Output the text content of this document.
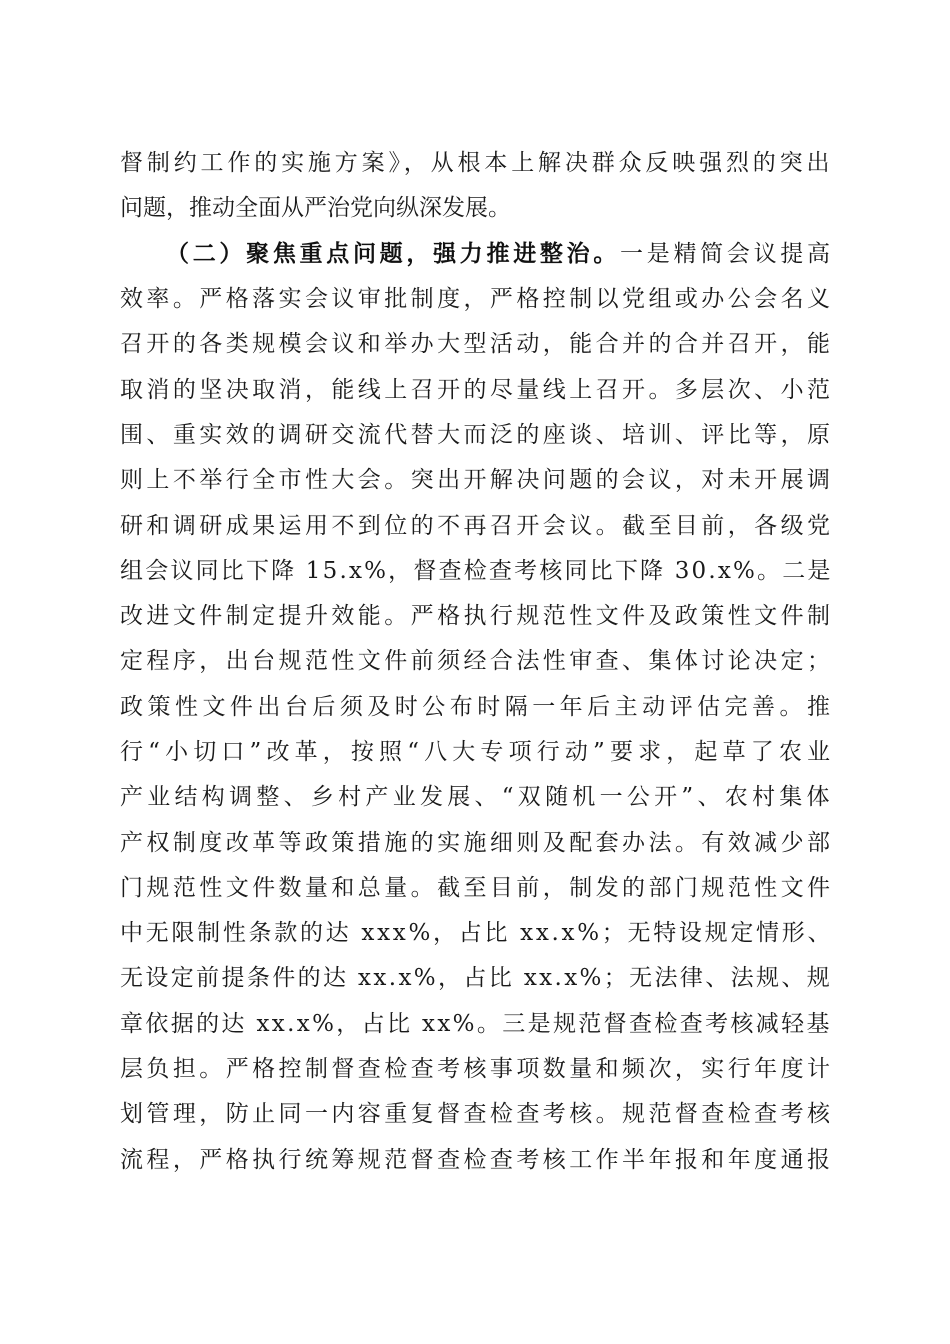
督制约工作的实施方案》，从根本上解决群众反映强烈的突出
问题，推动全面从严治党向纵深发展。
（二）聚焦重点问题，强力推进整治。一是精简会议提高
效率。严格落实会议审批制度，严格控制以党组或办公会名义
召开的各类规模会议和举办大型活动，能合并的合并召开，能
取消的坚决取消，能线上召开的尽量线上召开。多层次、小范
围、重实效的调研交流代替大而泛的座谈、培训、评比等，原
则上不举行全市性大会。突出开解决问题的会议，对未开展调
研和调研成果运用不到位的不再召开会议。截至目前，各级党
组会议同比下降 15.x%，督查检查考核同比下降 30.x%。二是
改进文件制定提升效能。严格执行规范性文件及政策性文件制
定程序，出台规范性文件前须经合法性审查、集体讨论决定；
政策性文件出台后须及时公布时隔一年后主动评估完善。推
行“小切口”改革，按照“八大专项行动”要求，起草了农业
产业结构调整、乡村产业发展、“双随机一公开”、农村集体
产权制度改革等政策措施的实施细则及配套办法。有效减少部
门规范性文件数量和总量。截至目前，制发的部门规范性文件
中无限制性条款的达 xxx%，占比 xx.x%；无特设规定情形、
无设定前提条件的达 xx.x%，占比 xx.x%；无法律、法规、规
章依据的达 xx.x%，占比 xx%。三是规范督查检查考核减轻基
层负担。严格控制督查检查考核事项数量和频次，实行年度计
划管理，防止同一内容重复督查检查考核。规范督查检查考核
流程，严格执行统筹规范督查检查考核工作半年报和年度通报
